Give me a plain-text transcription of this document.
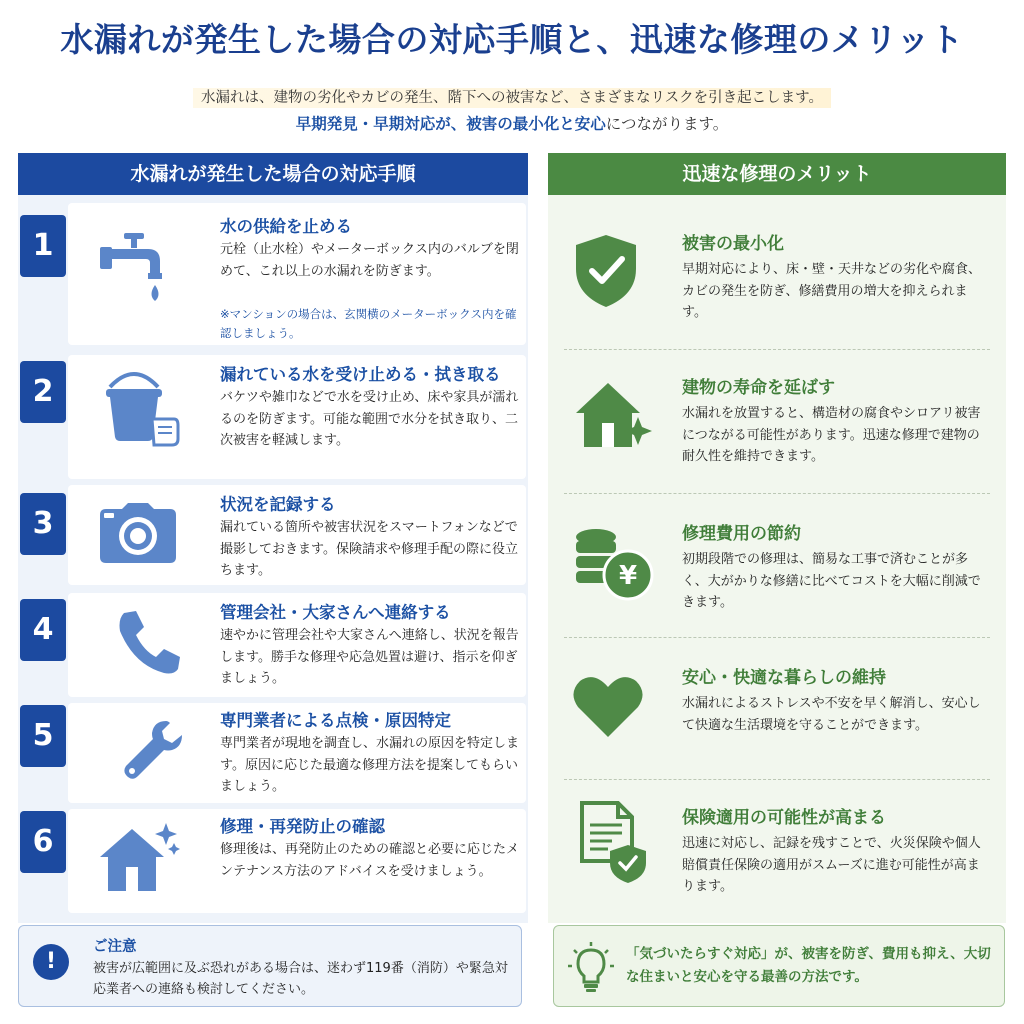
水漏れが発生した場合の対応手順と、迅速な修理のメリット
水漏れは、建物の劣化やカビの発生、階下への被害など、さまざまなリスクを引き起こします。
早期発見・早期対応が、被害の最小化と安心につながります。
水漏れが発生した場合の対応手順
1
水の供給を止める
元栓（止水栓）やメーターボックス内のバルブを閉めて、これ以上の水漏れを防ぎます。
※マンションの場合は、玄関横のメーターボックス内を確認しましょう。
2	漏れている水を受け止める・拭き取る
バケツや雑巾などで水を受け止め、床や家具が濡れるのを防ぎます。可能な範囲で水分を拭き取り、二次被害を軽減します。
3
状況を記録する
漏れている箇所や被害状況をスマートフォンなどで撮影しておきます。保険請求や修理手配の際に役立ちます。
4	管理会社・大家さんへ連絡する
速やかに管理会社や大家さんへ連絡し、状況を報告します。勝手な修理や応急処置は避け、指示を仰ぎましょう。
5	専門業者による点検・原因特定
専門業者が現地を調査し、水漏れの原因を特定します。原因に応じた最適な修理方法を提案してもらいましょう。
6	修理・再発防止の確認
修理後は、再発防止のための確認と必要に応じたメンテナンス方法のアドバイスを受けましょう。
!
ご注意
被害が広範囲に及ぶ恐れがある場合は、迷わず119番（消防）や緊急対応業者への連絡も検討してください。
迅速な修理のメリット
被害の最小化
早期対応により、床・壁・天井などの劣化や腐食、カビの発生を防ぎ、修繕費用の増大を抑えられます。
建物の寿命を延ばす
水漏れを放置すると、構造材の腐食やシロアリ被害につながる可能性があります。迅速な修理で建物の耐久性を維持できます。
¥
修理費用の節約
初期段階での修理は、簡易な工事で済むことが多く、大がかりな修繕に比べてコストを大幅に削減できます。
安心・快適な暮らしの維持
水漏れによるストレスや不安を早く解消し、安心して快適な生活環境を守ることができます。
保険適用の可能性が高まる
迅速に対応し、記録を残すことで、火災保険や個人賠償責任保険の適用がスムーズに進む可能性が高まります。
「気づいたらすぐ対応」が、被害を防ぎ、費用も抑え、大切な住まいと安心を守る最善の方法です。
